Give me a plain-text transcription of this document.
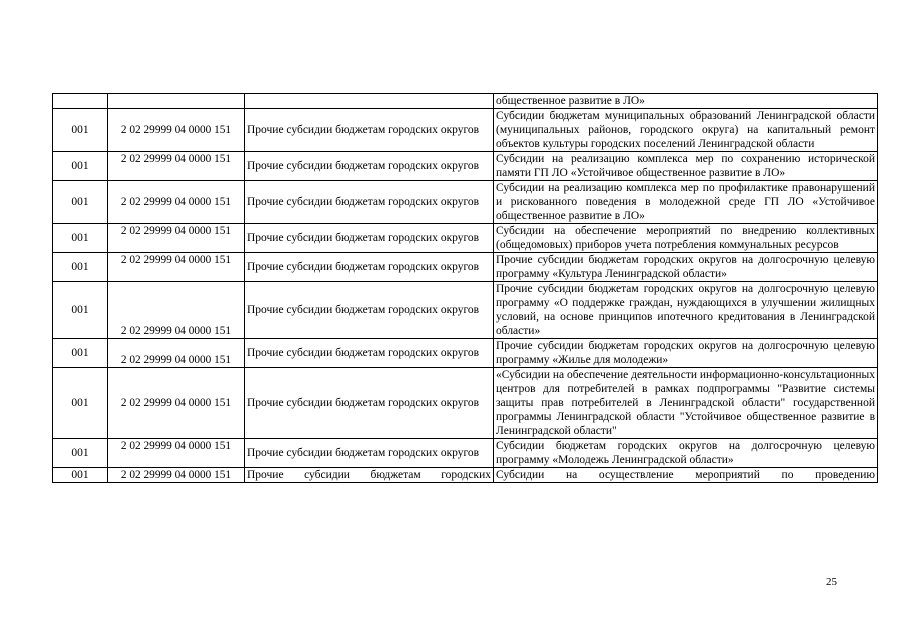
			общественное развитие в ЛО»
001	2 02 29999 04 0000 151	Прочие субсидии бюджетам городских округов	Субсидии бюджетам муниципальных образований Ленинградской области (муниципальных районов, городского округа) на капитальный ремонт объектов культуры городских поселений Ленинградской области
001	2 02 29999 04 0000 151	Прочие субсидии бюджетам городских округов	Субсидии на реализацию комплекса мер по сохранению исторической памяти ГП ЛО «Устойчивое общественное развитие в ЛО»
001	2 02 29999 04 0000 151	Прочие субсидии бюджетам городских округов	Субсидии на реализацию комплекса мер по профилактике правонарушений и рискованного поведения в молодежной среде ГП ЛО «Устойчивое общественное развитие в ЛО»
001	2 02 29999 04 0000 151	Прочие субсидии бюджетам городских округов	Субсидии на обеспечение мероприятий по внедрению коллективных (общедомовых) приборов учета потребления коммунальных ресурсов
001	2 02 29999 04 0000 151	Прочие субсидии бюджетам городских округов	Прочие субсидии бюджетам городских округов на долгосрочную целевую программу «Культура Ленинградской области»
001	2 02 29999 04 0000 151	Прочие субсидии бюджетам городских округов	Прочие субсидии бюджетам городских округов на долгосрочную целевую программу «О поддержке граждан, нуждающихся в улучшении жилищных условий, на основе принципов ипотечного кредитования в Ленинградской области»
001	2 02 29999 04 0000 151	Прочие субсидии бюджетам городских округов	Прочие субсидии бюджетам городских округов на долгосрочную целевую программу «Жилье для молодежи»
001	2 02 29999 04 0000 151	Прочие субсидии бюджетам городских округов	«Субсидии на обеспечение деятельности информационно-консультационных центров для потребителей в рамках подпрограммы "Развитие системы защиты прав потребителей в Ленинградской области" государственной программы Ленинградской области "Устойчивое общественное развитие в Ленинградской области"
001	2 02 29999 04 0000 151	Прочие субсидии бюджетам городских округов	Субсидии бюджетам городских округов на долгосрочную целевую программу «Молодежь Ленинградской области»
001	2 02 29999 04 0000 151	Прочие субсидии бюджетам городских	Субсидии на осуществление мероприятий по проведению
25
